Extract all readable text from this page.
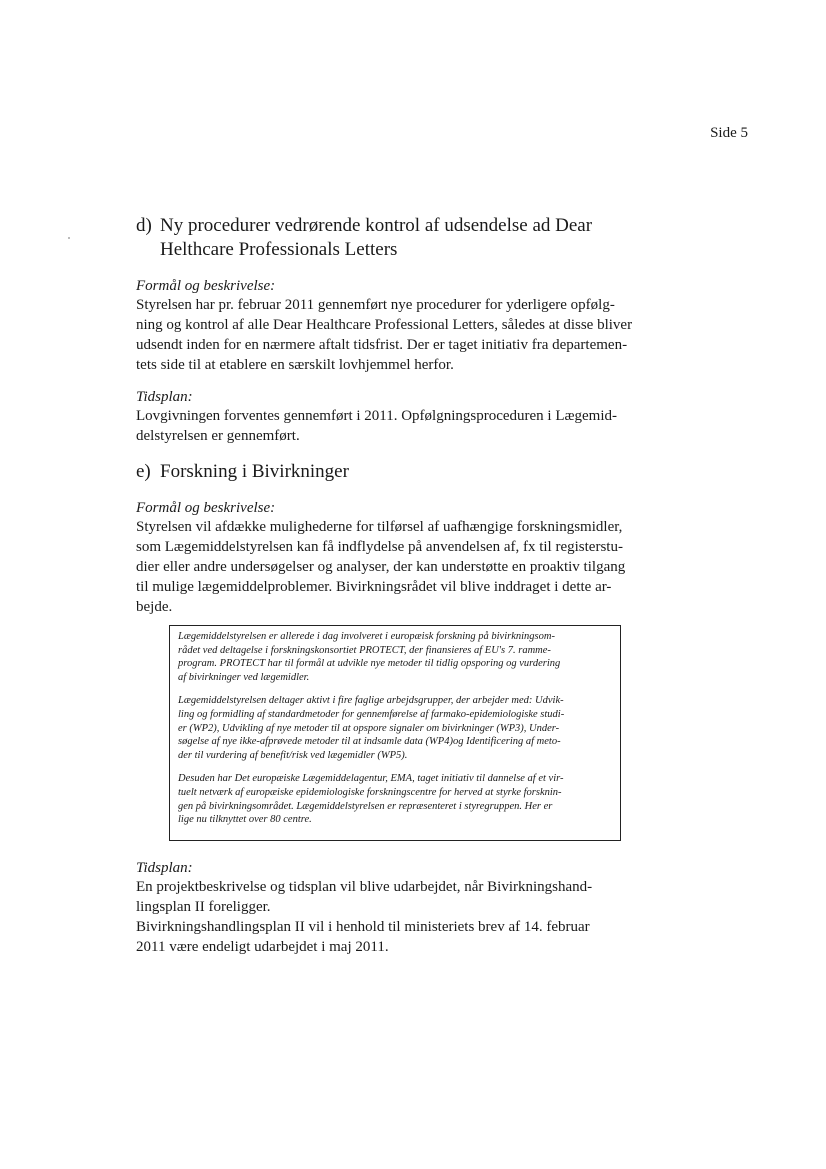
Side 5
d) Ny procedurer vedrørende kontrol af udsendelse ad Dear
Helthcare Professionals Letters
Formål og beskrivelse:
Styrelsen har pr. februar 2011 gennemført nye procedurer for yderligere opfølg-
ning og kontrol af alle Dear Healthcare Professional Letters, således at disse bliver
udsendt inden for en nærmere aftalt tidsfrist. Der er taget initiativ fra departemen-
tets side til at etablere en særskilt lovhjemmel herfor.
Tidsplan:
Lovgivningen forventes gennemført i 2011. Opfølgningsproceduren i Lægemid-
delstyrelsen er gennemført.
e) Forskning i Bivirkninger
Formål og beskrivelse:
Styrelsen vil afdække mulighederne for tilførsel af uafhængige forskningsmidler,
som Lægemiddelstyrelsen kan få indflydelse på anvendelsen af, fx til registerstu-
dier eller andre undersøgelser og analyser, der kan understøtte en proaktiv tilgang
til mulige lægemiddelproblemer. Bivirkningsrådet vil blive inddraget i dette ar-
bejde.
Lægemiddelstyrelsen er allerede i dag involveret i europæisk forskning på bivirkningsom-
rådet ved deltagelse i forskningskonsortiet PROTECT, der finansieres af EU's 7. ramme-
program. PROTECT har til formål at udvikle nye metoder til tidlig opsporing og vurdering
af bivirkninger ved lægemidler.
Lægemiddelstyrelsen deltager aktivt i fire faglige arbejdsgrupper, der arbejder med: Udvik-
ling og formidling af standardmetoder for gennemførelse af farmako-epidemiologiske studi-
er (WP2), Udvikling af nye metoder til at opspore signaler om bivirkninger (WP3), Under-
søgelse af nye ikke-afprøvede metoder til at indsamle data (WP4)og Identificering af meto-
der til vurdering af benefit/risk ved lægemidler (WP5).
Desuden har Det europæiske Lægemiddelagentur, EMA, taget initiativ til dannelse af et vir-
tuelt netværk af europæiske epidemiologiske forskningscentre for herved at styrke forsknin-
gen på bivirkningsområdet. Lægemiddelstyrelsen er repræsenteret i styregruppen. Her er
lige nu tilknyttet over 80 centre.
Tidsplan:
En projektbeskrivelse og tidsplan vil blive udarbejdet, når Bivirkningshand-
lingsplan II foreligger.
Bivirkningshandlingsplan II vil i henhold til ministeriets brev af 14. februar
2011 være endeligt udarbejdet i maj 2011.
